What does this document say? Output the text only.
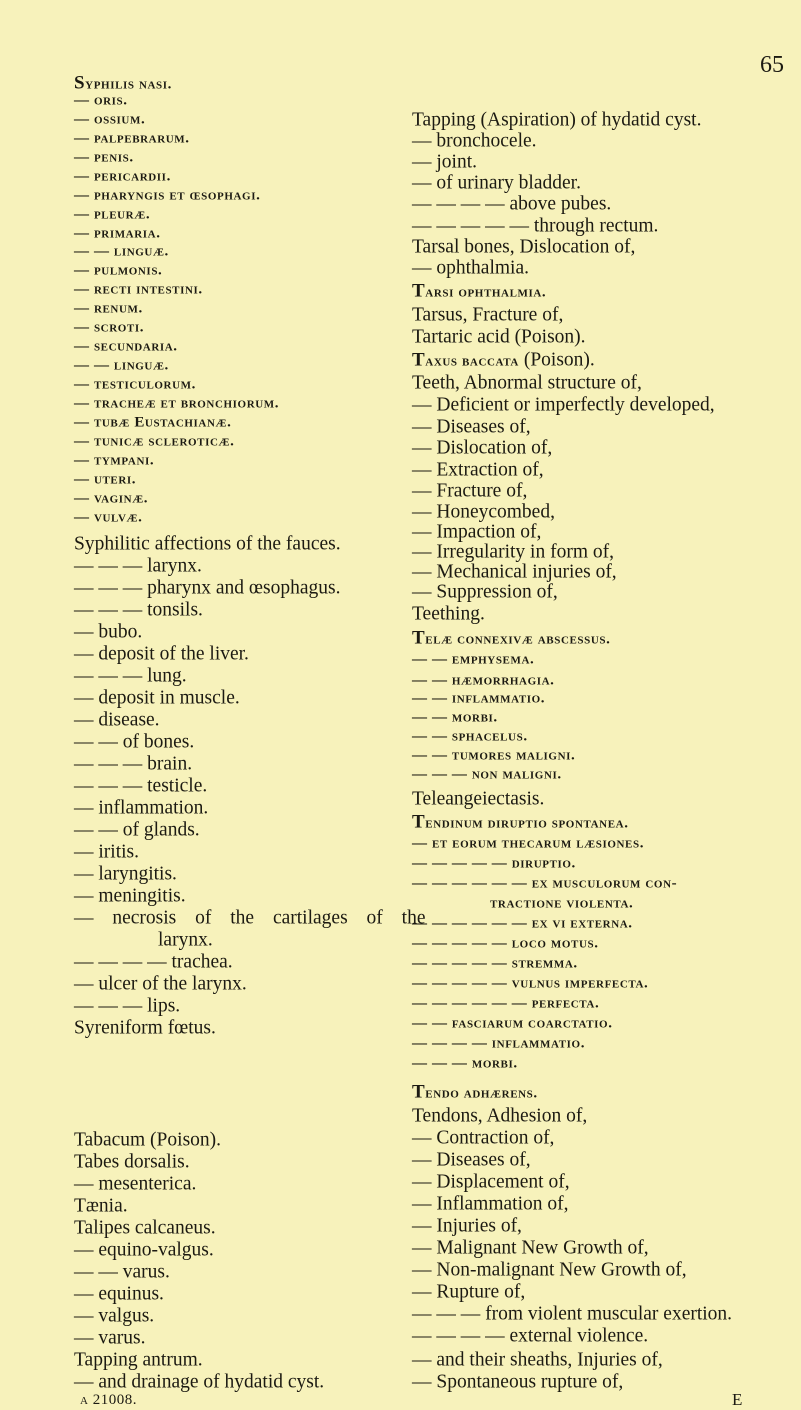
65
Syphilis nasi.
— oris.
— ossium.
— palpebrarum.
— penis.
— pericardii.
— pharyngis et œsophagi.
— pleuræ.
— primaria.
— — linguæ.
— pulmonis.
— recti intestini.
— renum.
— scroti.
— secundaria.
— — linguæ.
— testiculorum.
— tracheæ et bronchiorum.
— tubæ Eustachianæ.
— tunicæ scleroticæ.
— tympani.
— uteri.
— vaginæ.
— vulvæ.
Syphilitic affections of the fauces.
— — — larynx.
— — — pharynx and œsophagus.
— — — tonsils.
— bubo.
— deposit of the liver.
— — — lung.
— deposit in muscle.
— disease.
— — of bones.
— — — brain.
— — — testicle.
— inflammation.
— — of glands.
— iritis.
— laryngitis.
— meningitis.
— necrosis of the cartilages of the
larynx.
— — — — trachea.
— ulcer of the larynx.
— — — lips.
Syreniform fœtus.
Tabacum (Poison).
Tabes dorsalis.
— mesenterica.
Tænia.
Talipes calcaneus.
— equino-valgus.
— — varus.
— equinus.
— valgus.
— varus.
Tapping antrum.
— and drainage of hydatid cyst.
Tapping (Aspiration) of hydatid cyst.
— bronchocele.
— joint.
— of urinary bladder.
— — — — above pubes.
— — — — — through rectum.
Tarsal bones, Dislocation of,
— ophthalmia.
Tarsi ophthalmia.
Tarsus, Fracture of,
Tartaric acid (Poison).
Taxus baccata (Poison).
Teeth, Abnormal structure of,
— Deficient or imperfectly developed,
— Diseases of,
— Dislocation of,
— Extraction of,
— Fracture of,
— Honeycombed,
— Impaction of,
— Irregularity in form of,
— Mechanical injuries of,
— Suppression of,
Teething.
Telæ connexivæ abscessus.
— — emphysema.
— — hæmorrhagia.
— — inflammatio.
— — morbi.
— — sphacelus.
— — tumores maligni.
— — — non maligni.
Teleangeiectasis.
Tendinum diruptio spontanea.
— et eorum thecarum læsiones.
— — — — — diruptio.
— — — — — — ex musculorum con-
tractione violenta.
— — — — — — ex vi externa.
— — — — — loco motus.
— — — — — stremma.
— — — — — vulnus imperfecta.
— — — — — — perfecta.
— — fasciarum coarctatio.
— — — — inflammatio.
— — — morbi.
Tendo adhærens.
Tendons, Adhesion of,
— Contraction of,
— Diseases of,
— Displacement of,
— Inflammation of,
— Injuries of,
— Malignant New Growth of,
— Non-malignant New Growth of,
— Rupture of,
— — — from violent muscular exertion.
— — — — external violence.
— and their sheaths, Injuries of,
— Spontaneous rupture of,
a 21008.	E
